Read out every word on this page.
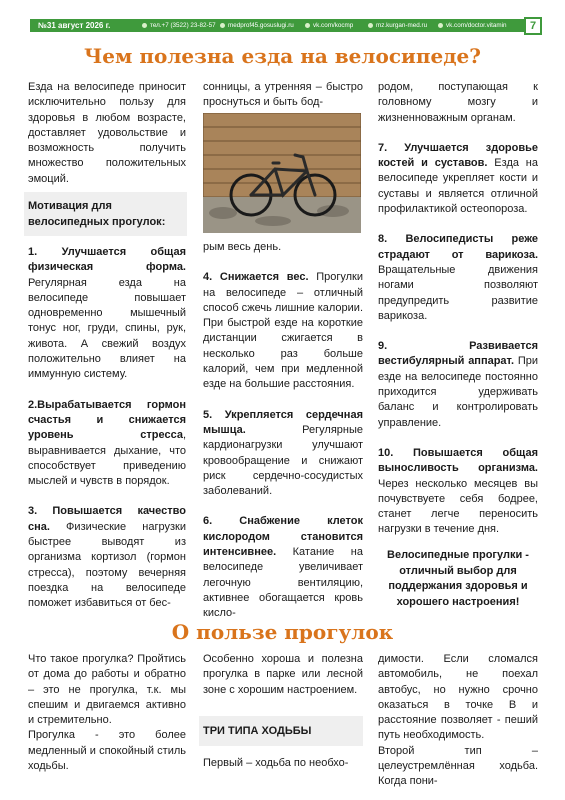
№31 август 2026 г.	тел.+7 (3522) 23-82-57	medprof45.gosuslugi.ru	vk.com/kocmp	mz.kurgan-med.ru	vk.com/doctor.vitamin	7
Чем полезна езда на велосипеде?

Езда на велосипеде приносит исключительно пользу для здоровья в любом возрасте, доставляет удовольствие и возможность получить множество положительных эмоций.

Мотивация для велосипедных прогулок:

1. Улучшается общая физическая форма. Регулярная езда на велосипеде повышает одновременно мышечный тонус ног, груди, спины, рук, живота. А свежий воздух положительно влияет на иммунную систему.

2.Вырабатывается гормон счастья и снижается уровень стресса, выравнивается дыхание, что способствует приведению мыслей и чувств в порядок.

3. Повышается качество сна. Физические нагрузки быстрее выводят из организма кортизол (гормон стресса), поэтому вечерняя поездка на велосипеде поможет избавиться от бес-

сонницы, а утренняя – быстро проснуться и быть бод-

рым весь день.

4. Снижается вес. Прогулки на велосипеде – отличный способ сжечь лишние калории. При быстрой езде на короткие дистанции сжигается в несколько раз больше калорий, чем при медленной езде на большие расстояния.

5. Укрепляется сердечная мышца. Регулярные кардионагрузки улучшают кровообращение и снижают риск сердечно-сосудистых заболеваний.

6. Снабжение клеток кислородом становится интенсивнее. Катание на велосипеде увеличивает легочную вентиляцию, активнее обогащается кровь кисло-

родом, поступающая к головному мозгу и жизненноважным органам.

7. Улучшается здоровье костей и суставов. Езда на велосипеде укрепляет кости и суставы и является отличной профилактикой остеопороза.

8. Велосипедисты реже страдают от варикоза. Вращательные движения ногами позволяют предупредить развитие варикоза.

9. Развивается вестибулярный аппарат. При езде на велосипеде постоянно приходится удерживать баланс и контролировать управление.

10. Повышается общая выносливость организма. Через несколько месяцев вы почувствуете себя бодрее, станет легче переносить нагрузки в течение дня.

Велосипедные прогулки - отличный выбор для поддержания здоровья и хорошего настроения!
О пользе прогулок

Что такое прогулка? Пройтись от дома до работы и обратно – это не прогулка, т.к. мы спешим и двигаемся активно и стремительно.

Прогулка - это более медленный и спокойный стиль ходьбы.

Особенно хороша и полезна прогулка в парке или лесной зоне с хорошим настроением.

ТРИ ТИПА ХОДЬБЫ

Первый – ходьба по необхо-

димости. Если сломался автомобиль, не поехал автобус, но нужно срочно оказаться в точке В и расстояние позволяет - пеший путь необходимость.

Второй тип – целеустремлённая ходьба. Когда пони-
